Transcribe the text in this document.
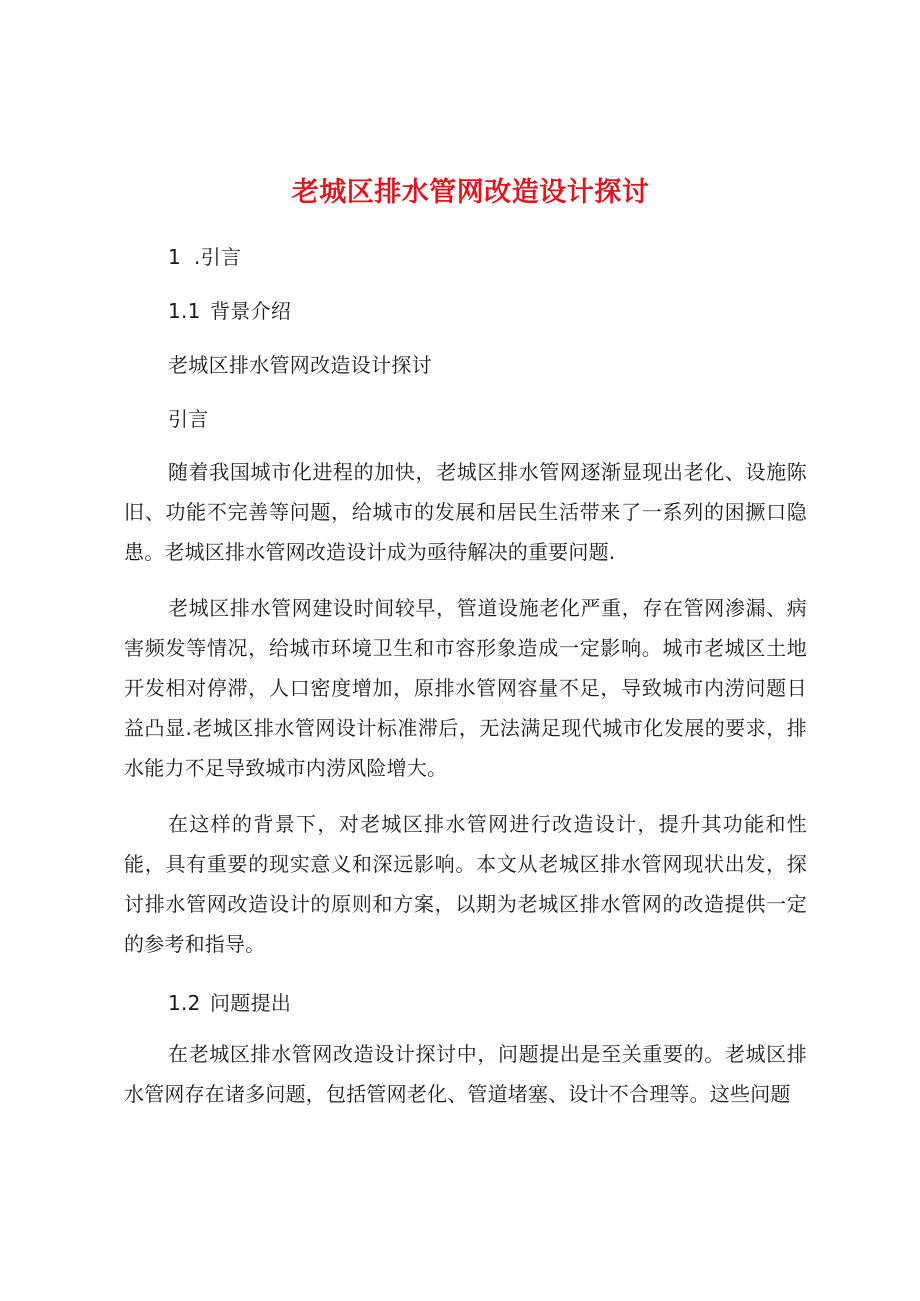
老城区排水管网改造设计探讨

1 .引言

1.1 背景介绍

老城区排水管网改造设计探讨

引言

随着我国城市化进程的加快，老城区排水管网逐渐显现出老化、设施陈旧、功能不完善等问题，给城市的发展和居民生活带来了一系列的困撅口隐患。老城区排水管网改造设计成为亟待解决的重要问题.

老城区排水管网建设时间较早，管道设施老化严重，存在管网渗漏、病害频发等情况，给城市环境卫生和市容形象造成一定影响。城市老城区土地开发相对停滞，人口密度增加，原排水管网容量不足，导致城市内涝问题日益凸显.老城区排水管网设计标准滞后，无法满足现代城市化发展的要求，排水能力不足导致城市内涝风险增大。

在这样的背景下，对老城区排水管网进行改造设计，提升其功能和性能，具有重要的现实意义和深远影响。本文从老城区排水管网现状出发，探讨排水管网改造设计的原则和方案，以期为老城区排水管网的改造提供一定的参考和指导。

1.2 问题提出

在老城区排水管网改造设计探讨中，问题提出是至关重要的。老城区排水管网存在诸多问题，包括管网老化、管道堵塞、设计不合理等。这些问题
